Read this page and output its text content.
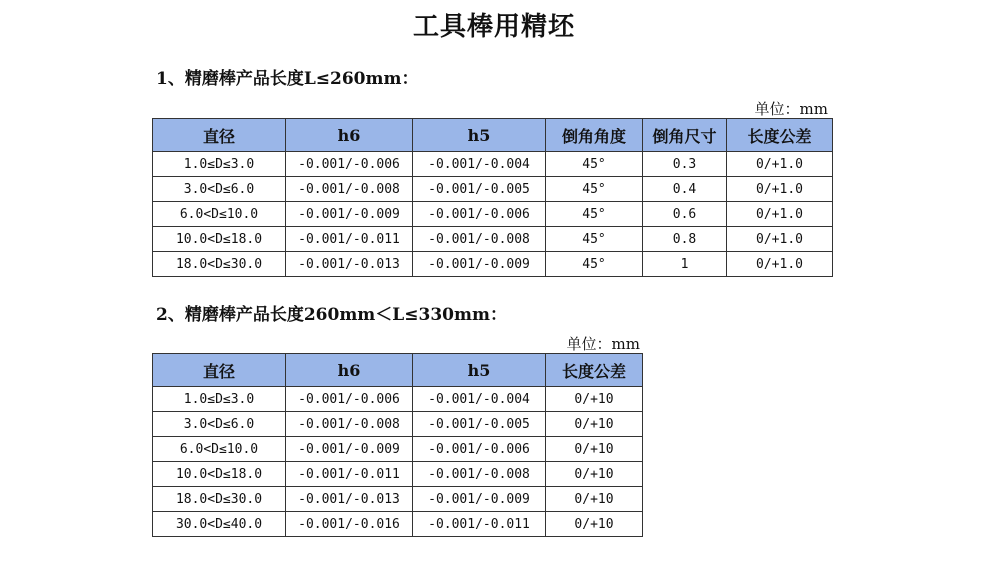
工具棒用精坯
1、精磨棒产品长度L≤260mm：
单位：mm
直径	h6	h5	倒角角度	倒角尺寸	长度公差
1.0≤D≤3.0	-0.001/-0.006	-0.001/-0.004	45°	0.3	0/+1.0
3.0<D≤6.0	-0.001/-0.008	-0.001/-0.005	45°	0.4	0/+1.0
6.0<D≤10.0	-0.001/-0.009	-0.001/-0.006	45°	0.6	0/+1.0
10.0<D≤18.0	-0.001/-0.011	-0.001/-0.008	45°	0.8	0/+1.0
18.0<D≤30.0	-0.001/-0.013	-0.001/-0.009	45°	1	0/+1.0
2、精磨棒产品长度260mm＜L≤330mm：
单位：mm
直径	h6	h5	长度公差
1.0≤D≤3.0	-0.001/-0.006	-0.001/-0.004	0/+10
3.0<D≤6.0	-0.001/-0.008	-0.001/-0.005	0/+10
6.0<D≤10.0	-0.001/-0.009	-0.001/-0.006	0/+10
10.0<D≤18.0	-0.001/-0.011	-0.001/-0.008	0/+10
18.0<D≤30.0	-0.001/-0.013	-0.001/-0.009	0/+10
30.0<D≤40.0	-0.001/-0.016	-0.001/-0.011	0/+10
